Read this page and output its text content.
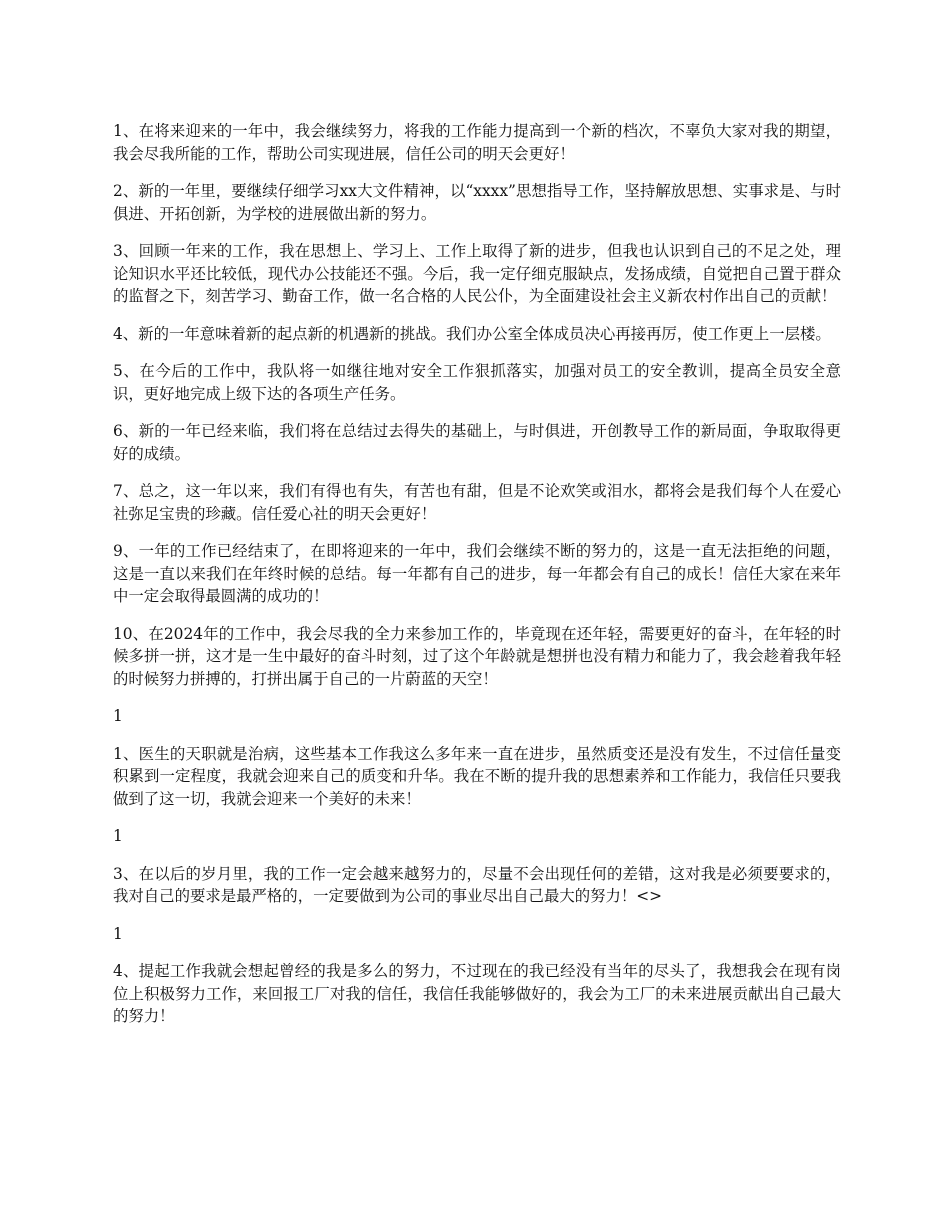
1、在将来迎来的一年中，我会继续努力，将我的工作能力提高到一个新的档次，不辜负大家对我的期望，我会尽我所能的工作，帮助公司实现进展，信任公司的明天会更好！

2、新的一年里，要继续仔细学习xx大文件精神，以“xxxx”思想指导工作，坚持解放思想、实事求是、与时俱进、开拓创新，为学校的进展做出新的努力。

3、回顾一年来的工作，我在思想上、学习上、工作上取得了新的进步，但我也认识到自己的不足之处，理论知识水平还比较低，现代办公技能还不强。今后，我一定仔细克服缺点，发扬成绩，自觉把自己置于群众的监督之下，刻苦学习、勤奋工作，做一名合格的人民公仆，为全面建设社会主义新农村作出自己的贡献！

4、新的一年意味着新的起点新的机遇新的挑战。我们办公室全体成员决心再接再厉，使工作更上一层楼。

5、在今后的工作中，我队将一如继往地对安全工作狠抓落实，加强对员工的安全教训，提高全员安全意识，更好地完成上级下达的各项生产任务。

6、新的一年已经来临，我们将在总结过去得失的基础上，与时俱进，开创教导工作的新局面，争取取得更好的成绩。

7、总之，这一年以来，我们有得也有失，有苦也有甜，但是不论欢笑或泪水，都将会是我们每个人在爱心社弥足宝贵的珍藏。信任爱心社的明天会更好！

9、一年的工作已经结束了，在即将迎来的一年中，我们会继续不断的努力的，这是一直无法拒绝的问题，这是一直以来我们在年终时候的总结。每一年都有自己的进步，每一年都会有自己的成长！信任大家在来年中一定会取得最圆满的成功的！

10、在2024年的工作中，我会尽我的全力来参加工作的，毕竟现在还年轻，需要更好的奋斗，在年轻的时候多拼一拼，这才是一生中最好的奋斗时刻，过了这个年龄就是想拼也没有精力和能力了，我会趁着我年轻的时候努力拼搏的，打拼出属于自己的一片蔚蓝的天空！

1

1、医生的天职就是治病，这些基本工作我这么多年来一直在进步，虽然质变还是没有发生，不过信任量变积累到一定程度，我就会迎来自己的质变和升华。我在不断的提升我的思想素养和工作能力，我信任只要我做到了这一切，我就会迎来一个美好的未来！

1

3、在以后的岁月里，我的工作一定会越来越努力的，尽量不会出现任何的差错，这对我是必须要要求的，我对自己的要求是最严格的，一定要做到为公司的事业尽出自己最大的努力！<>

1

4、提起工作我就会想起曾经的我是多么的努力，不过现在的我已经没有当年的尽头了，我想我会在现有岗位上积极努力工作，来回报工厂对我的信任，我信任我能够做好的，我会为工厂的未来进展贡献出自己最大的努力！
